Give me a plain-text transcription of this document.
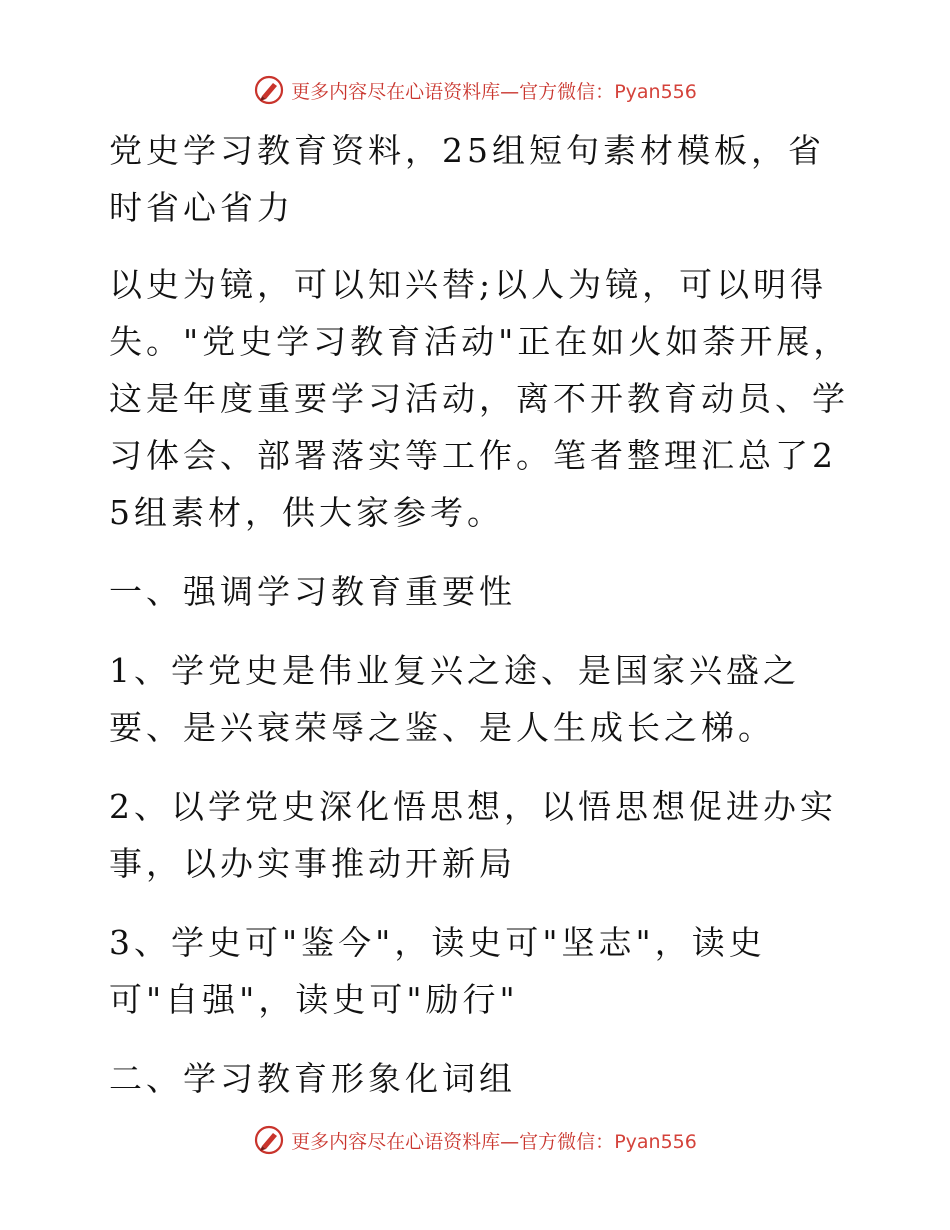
更多内容尽在心语资料库—官方微信：Pyan556

党史学习教育资料，25组短句素材模板，省时省心省力

以史为镜，可以知兴替;以人为镜，可以明得失。"党史学习教育活动"正在如火如荼开展，这是年度重要学习活动，离不开教育动员、学习体会、部署落实等工作。笔者整理汇总了25组素材，供大家参考。

一、强调学习教育重要性

1、学党史是伟业复兴之途、是国家兴盛之要、是兴衰荣辱之鉴、是人生成长之梯。

2、以学党史深化悟思想，以悟思想促进办实事，以办实事推动开新局

3、学史可"鉴今"，读史可"坚志"，读史可"自强"，读史可"励行"

二、学习教育形象化词组

更多内容尽在心语资料库—官方微信：Pyan556
